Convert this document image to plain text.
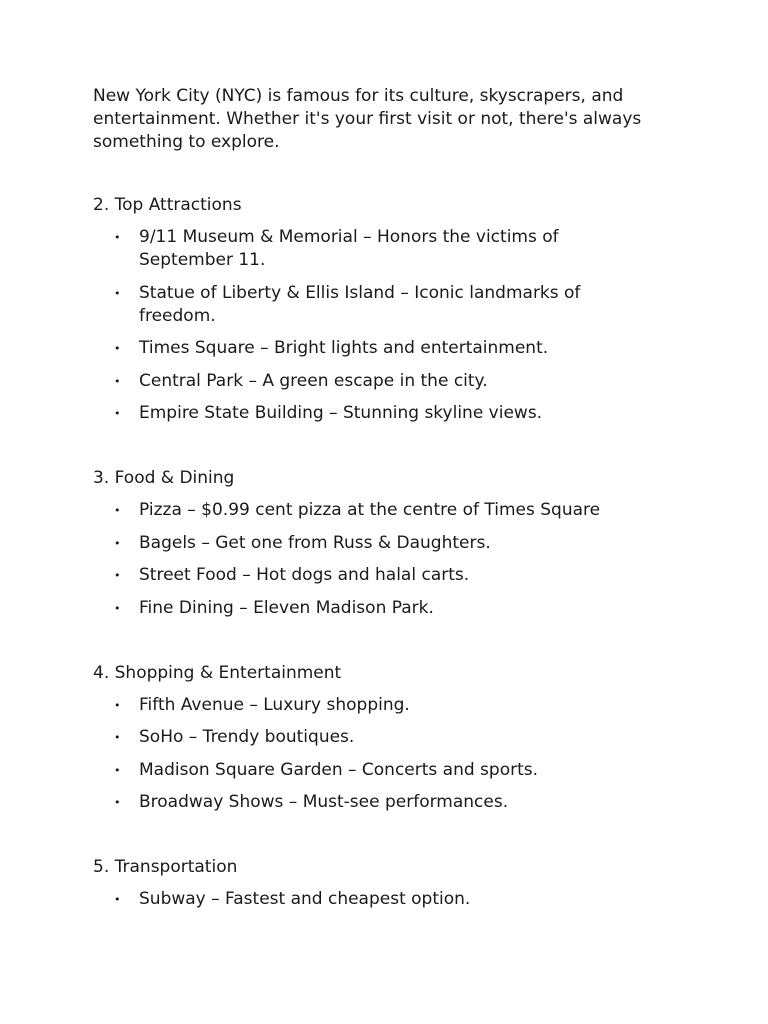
New York City (NYC) is famous for its culture, skyscrapers, and entertainment. Whether it's your first visit or not, there's always something to explore.

2. Top Attractions

• 9/11 Museum & Memorial – Honors the victims of September 11.
• Statue of Liberty & Ellis Island – Iconic landmarks of freedom.
• Times Square – Bright lights and entertainment.
• Central Park – A green escape in the city.
• Empire State Building – Stunning skyline views.

3. Food & Dining

• Pizza – $0.99 cent pizza at the centre of Times Square
• Bagels – Get one from Russ & Daughters.
• Street Food – Hot dogs and halal carts.
• Fine Dining – Eleven Madison Park.

4. Shopping & Entertainment

• Fifth Avenue – Luxury shopping.
• SoHo – Trendy boutiques.
• Madison Square Garden – Concerts and sports.
• Broadway Shows – Must-see performances.

5. Transportation

• Subway – Fastest and cheapest option.
